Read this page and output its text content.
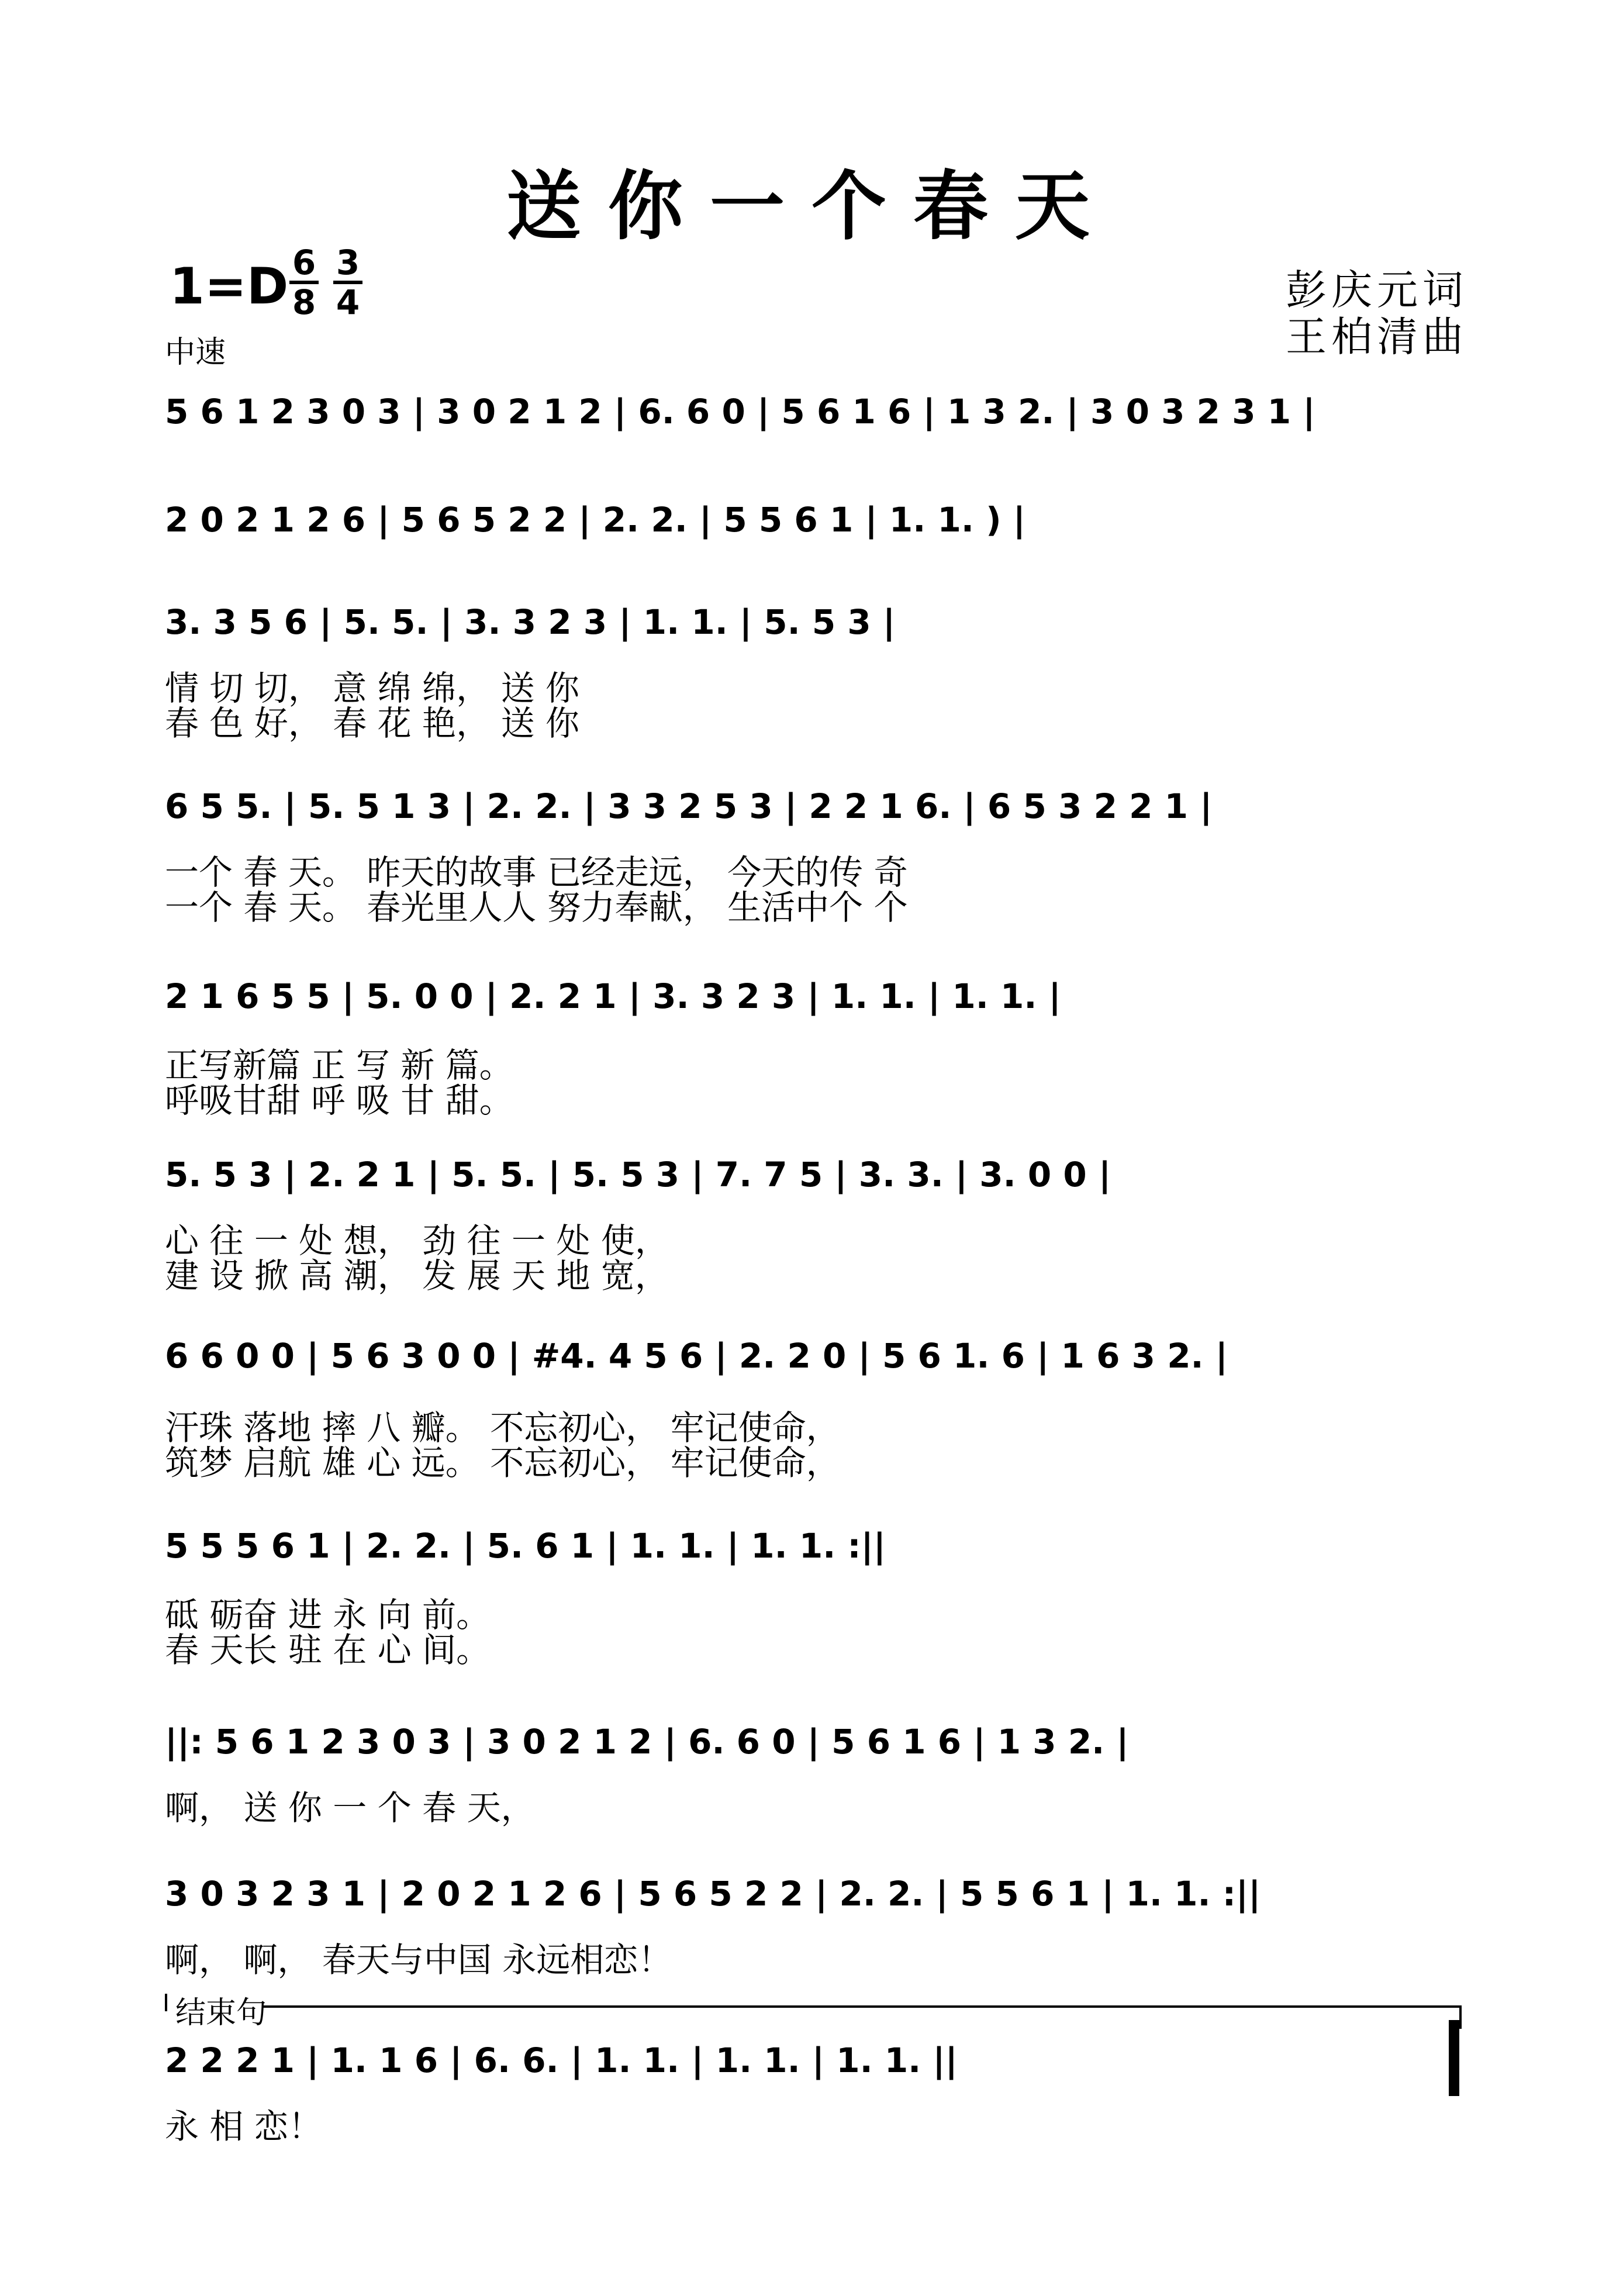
送你一个春天
1=D 6
8
3
4
中速
彭庆元词
王柏清曲
5 6 1 2 3 0 3 | 3 0 2 1 2 | 6. 6 0 | 5 6 1 6 | 1 3 2. | 3 0 3 2 3 1 |
2 0 2 1 2 6 | 5 6 5 2 2 | 2. 2. | 5 5 6 1 | 1. 1. ) |
3. 3 5 6 | 5. 5. | 3. 3 2 3 | 1. 1. | 5. 5 3 |
情 切 切， 意 绵 绵， 送 你
春 色 好， 春 花 艳， 送 你
6 5 5. | 5. 5 1 3 | 2. 2. | 3 3 2 5 3 | 2 2 1 6. | 6 5 3 2 2 1 |
一个 春 天。 昨天的故事 已经走远， 今天的传 奇
一个 春 天。 春光里人人 努力奉献， 生活中个 个
2 1 6 5 5 | 5. 0 0 | 2. 2 1 | 3. 3 2 3 | 1. 1. | 1. 1. |
正写新篇 正 写 新 篇。
呼吸甘甜 呼 吸 甘 甜。
5. 5 3 | 2. 2 1 | 5. 5. | 5. 5 3 | 7. 7 5 | 3. 3. | 3. 0 0 |
心 往 一 处 想， 劲 往 一 处 使，
建 设 掀 高 潮， 发 展 天 地 宽，
6 6 0 0 | 5 6 3 0 0 | #4. 4 5 6 | 2. 2 0 | 5 6 1. 6 | 1 6 3 2. |
汗珠 落地 摔 八 瓣。 不忘初心， 牢记使命，
筑梦 启航 雄 心 远。 不忘初心， 牢记使命，
5 5 5 6 1 | 2. 2. | 5. 6 1 | 1. 1. | 1. 1. :||
砥 砺奋 进 永 向 前。
春 天长 驻 在 心 间。
||: 5 6 1 2 3 0 3 | 3 0 2 1 2 | 6. 6 0 | 5 6 1 6 | 1 3 2. |
啊， 送 你 一 个 春 天，
3 0 3 2 3 1 | 2 0 2 1 2 6 | 5 6 5 2 2 | 2. 2. | 5 5 6 1 | 1. 1. :||
啊， 啊， 春天与中国 永远相恋！
结束句
2 2 2 1 | 1. 1 6 | 6. 6. | 1. 1. | 1. 1. | 1. 1. ||
永 相 恋！
